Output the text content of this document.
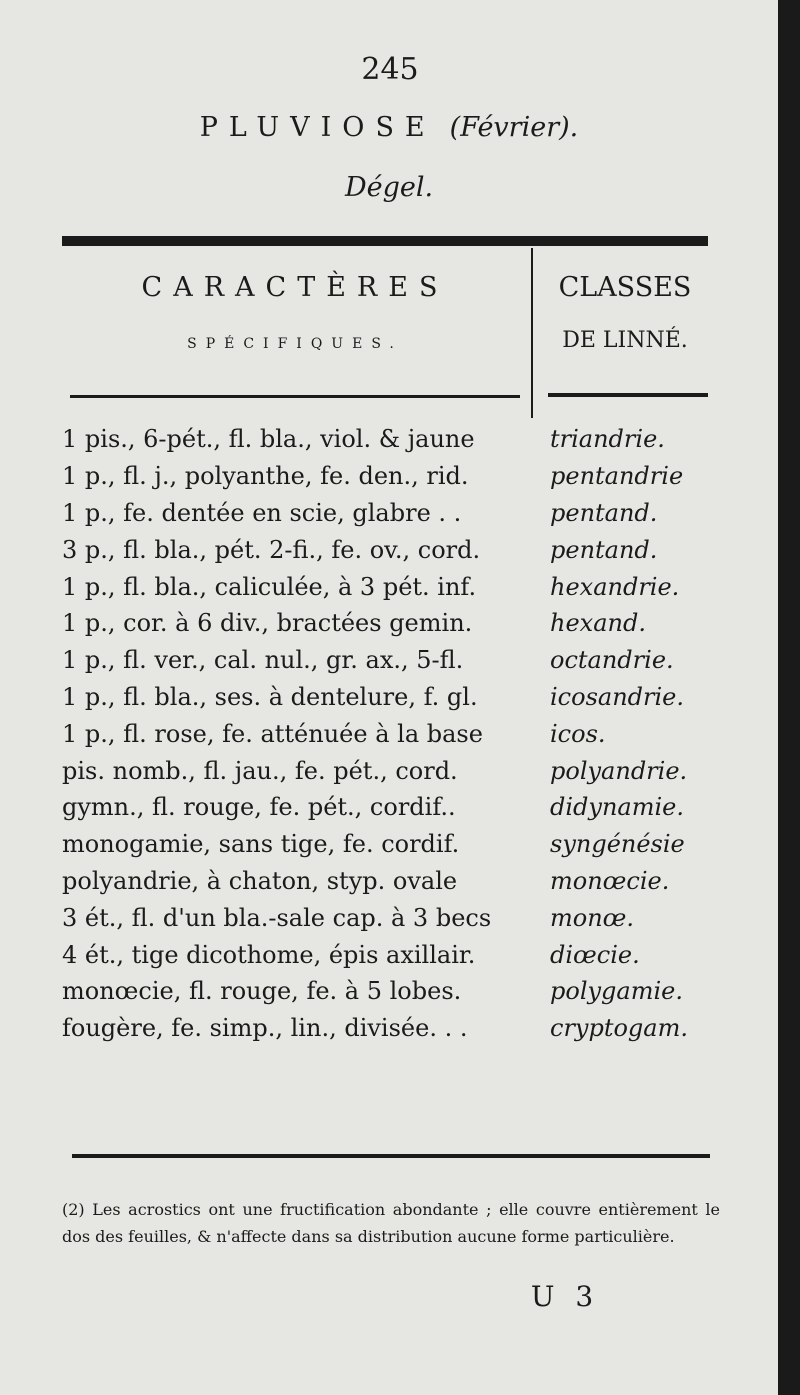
245
PLUVIOSE (Février).
Dégel.
CARACTÈRES
SPÉCIFIQUES.
CLASSES
DE LINNÉ.
1 pis., 6-pét., fl. bla., viol. & jaune	triandrie.
1 p., fl. j., polyanthe, fe. den., rid.	pentandrie
1 p., fe. dentée en scie, glabre . .	pentand.
3 p., fl. bla., pét. 2-fi., fe. ov., cord.	pentand.
1 p., fl. bla., caliculée, à 3 pét. inf.	hexandrie.
1 p., cor. à 6 div., bractées gemin.	hexand.
1 p., fl. ver., cal. nul., gr. ax., 5-fl.	octandrie.
1 p., fl. bla., ses. à dentelure, f. gl.	icosandrie.
1 p., fl. rose, fe. atténuée à la base	icos.
pis. nomb., fl. jau., fe. pét., cord.	polyandrie.
gymn., fl. rouge, fe. pét., cordif..	didynamie.
monogamie, sans tige, fe. cordif.	syngénésie
polyandrie, à chaton, styp. ovale	monœcie.
3 ét., fl. d'un bla.-sale cap. à 3 becs	monœ.
4 ét., tige dicothome, épis axillair.	diœcie.
monœcie, fl. rouge, fe. à 5 lobes.	polygamie.
fougère, fe. simp., lin., divisée. . .	cryptogam.
(2) Les acrostics ont une fructification abondante ; elle couvre entièrement le dos des feuilles, & n'affecte dans sa distribution aucune forme particulière.
U 3
